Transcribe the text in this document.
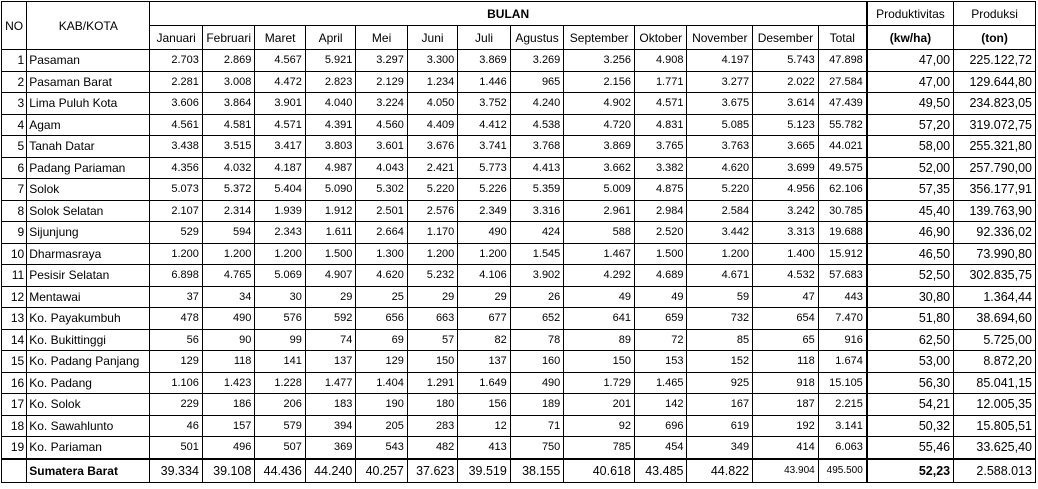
NO	KAB/KOTA	BULAN													Produktivitas	Produksi
		Januari	Februari	Maret	April	Mei	Juni	Juli	Agustus	September	Oktober	November	Desember	Total	(kw/ha)	(ton)
1	Pasaman	2.703	2.869	4.567	5.921	3.297	3.300	3.869	3.269	3.256	4.908	4.197	5.743	47.898	47,00	225.122,72
2	Pasaman Barat	2.281	3.008	4.472	2.823	2.129	1.234	1.446	965	2.156	1.771	3.277	2.022	27.584	47,00	129.644,80
3	Lima Puluh Kota	3.606	3.864	3.901	4.040	3.224	4.050	3.752	4.240	4.902	4.571	3.675	3.614	47.439	49,50	234.823,05
4	Agam	4.561	4.581	4.571	4.391	4.560	4.409	4.412	4.538	4.720	4.831	5.085	5.123	55.782	57,20	319.072,75
5	Tanah Datar	3.438	3.515	3.417	3.803	3.601	3.676	3.741	3.768	3.869	3.765	3.763	3.665	44.021	58,00	255.321,80
6	Padang Pariaman	4.356	4.032	4.187	4.987	4.043	2.421	5.773	4.413	3.662	3.382	4.620	3.699	49.575	52,00	257.790,00
7	Solok	5.073	5.372	5.404	5.090	5.302	5.220	5.226	5.359	5.009	4.875	5.220	4.956	62.106	57,35	356.177,91
8	Solok Selatan	2.107	2.314	1.939	1.912	2.501	2.576	2.349	3.316	2.961	2.984	2.584	3.242	30.785	45,40	139.763,90
9	Sijunjung	529	594	2.343	1.611	2.664	1.170	490	424	588	2.520	3.442	3.313	19.688	46,90	92.336,02
10	Dharmasraya	1.200	1.200	1.200	1.500	1.300	1.200	1.200	1.545	1.467	1.500	1.200	1.400	15.912	46,50	73.990,80
11	Pesisir Selatan	6.898	4.765	5.069	4.907	4.620	5.232	4.106	3.902	4.292	4.689	4.671	4.532	57.683	52,50	302.835,75
12	Mentawai	37	34	30	29	25	29	29	26	49	49	59	47	443	30,80	1.364,44
13	Ko. Payakumbuh	478	490	576	592	656	663	677	652	641	659	732	654	7.470	51,80	38.694,60
14	Ko. Bukittinggi	56	90	99	74	69	57	82	78	89	72	85	65	916	62,50	5.725,00
15	Ko. Padang Panjang	129	118	141	137	129	150	137	160	150	153	152	118	1.674	53,00	8.872,20
16	Ko. Padang	1.106	1.423	1.228	1.477	1.404	1.291	1.649	490	1.729	1.465	925	918	15.105	56,30	85.041,15
17	Ko. Solok	229	186	206	183	190	180	156	189	201	142	167	187	2.215	54,21	12.005,35
18	Ko. Sawahlunto	46	157	579	394	205	283	12	71	92	696	619	192	3.141	50,32	15.805,51
19	Ko. Pariaman	501	496	507	369	543	482	413	750	785	454	349	414	6.063	55,46	33.625,40
	Sumatera Barat	39.334	39.108	44.436	44.240	40.257	37.623	39.519	38.155	40.618	43.485	44.822	43.904	495.500	52,23	2.588.013
